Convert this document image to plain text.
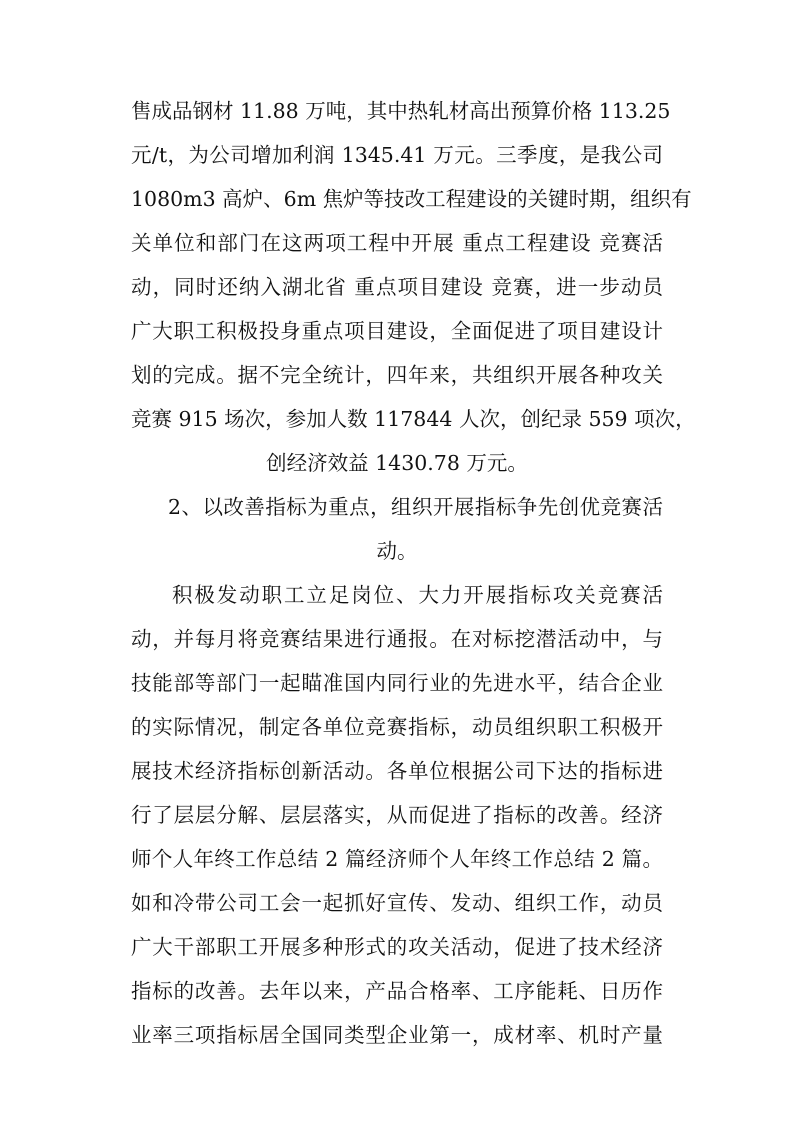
售成品钢材 11.88 万吨，其中热轧材高出预算价格 113.25
元/t，为公司增加利润 1345.41 万元。三季度，是我公司
1080m3 高炉、6m 焦炉等技改工程建设的关键时期，组织有
关单位和部门在这两项工程中开展 重点工程建设 竞赛活
动，同时还纳入湖北省 重点项目建设 竞赛，进一步动员
广大职工积极投身重点项目建设，全面促进了项目建设计
划的完成。据不完全统计，四年来，共组织开展各种攻关
竞赛 915 场次，参加人数 117844 人次，创纪录 559 项次，
创经济效益 1430.78 万元。
2、以改善指标为重点，组织开展指标争先创优竞赛活
动。
积极发动职工立足岗位、大力开展指标攻关竞赛活
动，并每月将竞赛结果进行通报。在对标挖潜活动中，与
技能部等部门一起瞄准国内同行业的先进水平，结合企业
的实际情况，制定各单位竞赛指标，动员组织职工积极开
展技术经济指标创新活动。各单位根据公司下达的指标进
行了层层分解、层层落实，从而促进了指标的改善。经济
师个人年终工作总结 2 篇经济师个人年终工作总结 2 篇。
如和冷带公司工会一起抓好宣传、发动、组织工作，动员
广大干部职工开展多种形式的攻关活动，促进了技术经济
指标的改善。去年以来，产品合格率、工序能耗、日历作
业率三项指标居全国同类型企业第一，成材率、机时产量
